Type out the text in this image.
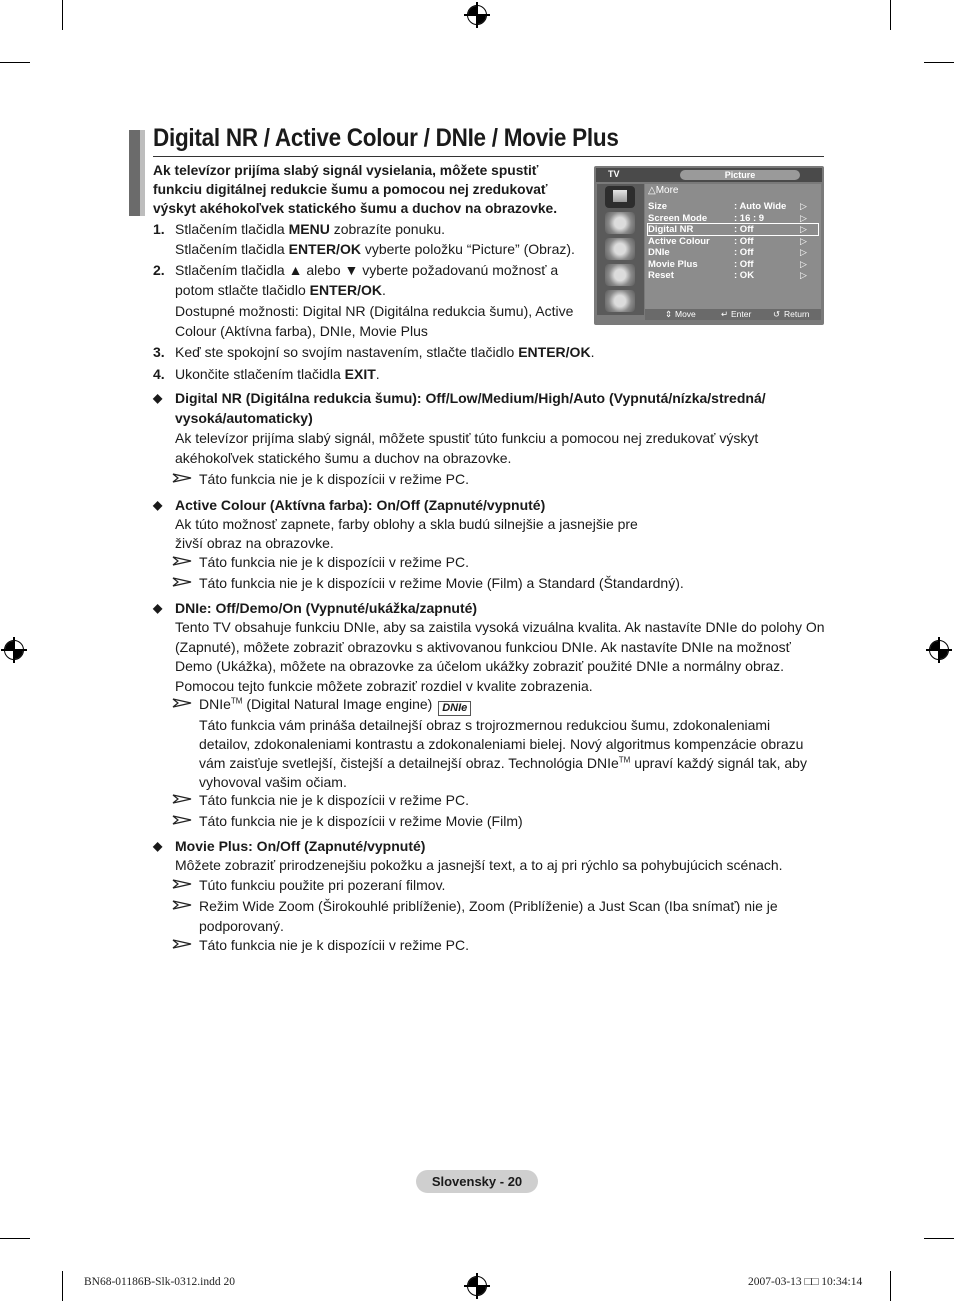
Digital NR / Active Colour / DNIe / Movie Plus
Ak televízor prijíma slabý signál vysielania, môžete spustiť funkciu digitálnej redukcie šumu a pomocou nej zredukovať výskyt akéhokoľvek statického šumu a duchov na obrazovke.
TV	Picture
△More
Size	: Auto Wide ▷
Screen Mode	: 16 : 9	▷
Digital NR	: Off	▷
Active Colour	: Off	▷
DNIe	: Off	▷
Movie Plus	: Off	▷
Reset	: OK	▷
⇕ Move	↵ Enter	↺ Return
1. Stlačením tlačidla MENU zobrazíte ponuku.
Stlačením tlačidla ENTER/OK vyberte položku “Picture” (Obraz).
2. Stlačením tlačidla ▲ alebo ▼ vyberte požadovanú možnosť a potom stlačte tlačidlo ENTER/OK.
Dostupné možnosti: Digital NR (Digitálna redukcia šumu), Active Colour (Aktívna farba), DNIe, Movie Plus
3. Keď ste spokojní so svojím nastavením, stlačte tlačidlo ENTER/OK.
4. Ukončite stlačením tlačidla EXIT.
◆ Digital NR (Digitálna redukcia šumu): Off/Low/Medium/High/Auto (Vypnutá/nízka/stredná/ vysoká/automaticky)
Ak televízor prijíma slabý signál, môžete spustiť túto funkciu a pomocou nej zredukovať výskyt akéhokoľvek statického šumu a duchov na obrazovke.
Táto funkcia nie je k dispozícii v režime PC.
◆ Active Colour (Aktívna farba): On/Off (Zapnuté/vypnuté)
Ak túto možnosť zapnete, farby oblohy a skla budú silnejšie a jasnejšie pre živší obraz na obrazovke.
Táto funkcia nie je k dispozícii v režime PC.
Táto funkcia nie je k dispozícii v režime Movie (Film) a Standard (Štandardný).
◆ DNIe: Off/Demo/On (Vypnuté/ukážka/zapnuté)
Tento TV obsahuje funkciu DNIe, aby sa zaistila vysoká vizuálna kvalita. Ak nastavíte DNIe do polohy On (Zapnuté), môžete zobraziť obrazovku s aktivovanou funkciou DNIe. Ak nastavíte DNIe na možnosť Demo (Ukážka), môžete na obrazovke za účelom ukážky zobraziť použité DNIe a normálny obraz. Pomocou tejto funkcie môžete zobraziť rozdiel v kvalite zobrazenia.
DNIe™ (Digital Natural Image engine) DNIe
Táto funkcia vám prináša detailnejší obraz s trojrozmernou redukciou šumu, zdokonaleniami detailov, zdokonaleniami kontrastu a zdokonaleniami bielej. Nový algoritmus kompenzácie obrazu vám zaisťuje svetlejší, čistejší a detailnejší obraz. Technológia DNIe™ upraví každý signál tak, aby vyhovoval vašim očiam.
Táto funkcia nie je k dispozícii v režime PC.
Táto funkcia nie je k dispozícii v režime Movie (Film)
◆ Movie Plus: On/Off (Zapnuté/vypnuté)
Môžete zobraziť prirodzenejšiu pokožku a jasnejší text, a to aj pri rýchlo sa pohybujúcich scénach.
Túto funkciu použite pri pozeraní filmov.
Režim Wide Zoom (Širokouhlé priblíženie), Zoom (Priblíženie) a Just Scan (Iba snímať) nie je podporovaný.
Táto funkcia nie je k dispozícii v režime PC.
Slovensky - 20
BN68-01186B-Slk-0312.indd 20	2007-03-13 □□ 10:34:14
